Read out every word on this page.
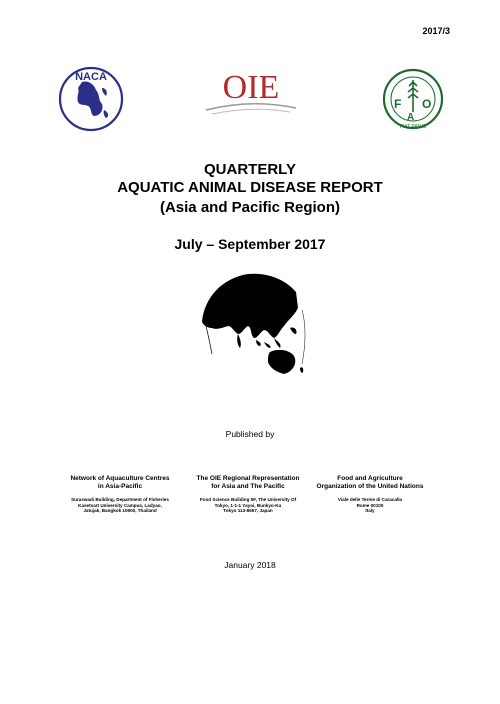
2017/3
NACA	OIE	F
A
O
FIAT PANIS
QUARTERLY
AQUATIC ANIMAL DISEASE REPORT
(Asia and Pacific Region)
July – September 2017
Published by
Network of Aquaculture Centres
in Asia-Pacific
Suraswadi Building, Department of Fisheries
Kasetsart University Campus, Ladyao,
Jatujak, Bangkok 10900, Thailand
The OIE Regional Representation
for Asia and The Pacific
Food Science Building 5F, The University Of
Tokyo, 1-1-1 Yayoi, Bunkyo-Ku
Tokyo 113-8657, Japan
Food and Agriculture
Organization of the United Nations
Viale delle Terme di Caracalla
Rome 00100
Italy
January 2018
